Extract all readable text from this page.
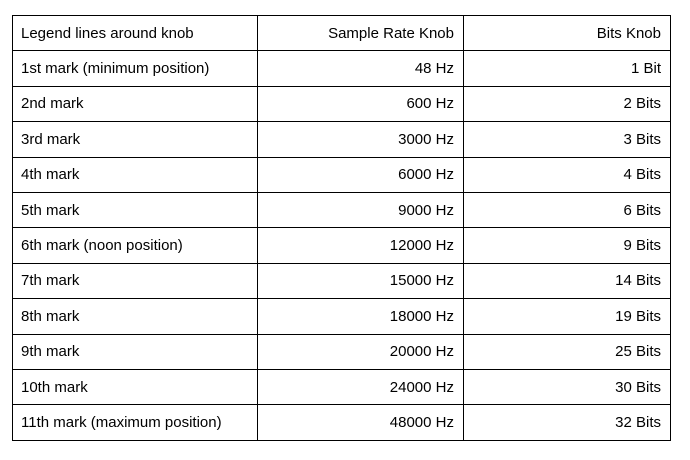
Legend lines around knob	Sample Rate Knob	Bits Knob
1st mark (minimum position)	48 Hz	1 Bit
2nd mark	600 Hz	2 Bits
3rd mark	3000 Hz	3 Bits
4th mark	6000 Hz	4 Bits
5th mark	9000 Hz	6 Bits
6th mark (noon position)	12000 Hz	9 Bits
7th mark	15000 Hz	14 Bits
8th mark	18000 Hz	19 Bits
9th mark	20000 Hz	25 Bits
10th mark	24000 Hz	30 Bits
11th mark (maximum position)	48000 Hz	32 Bits
